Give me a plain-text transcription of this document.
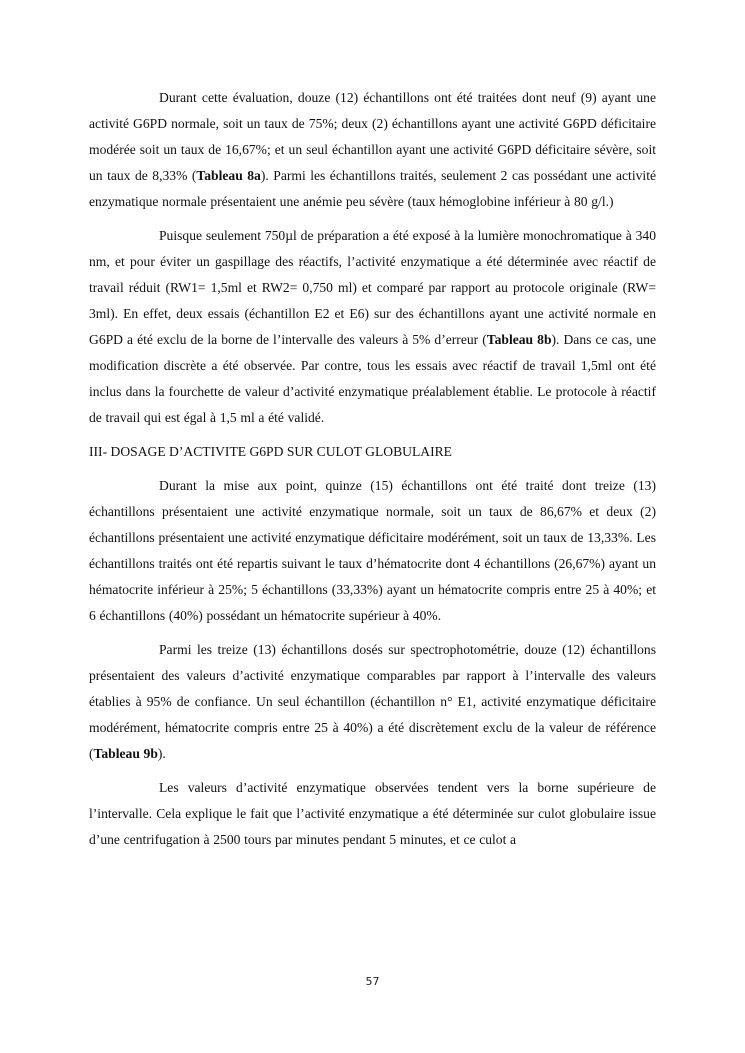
Durant cette évaluation, douze (12) échantillons ont été traitées dont neuf (9) ayant une activité G6PD normale, soit un taux de 75%; deux (2) échantillons ayant une activité G6PD déficitaire modérée soit un taux de 16,67%; et un seul échantillon ayant une activité G6PD déficitaire sévère, soit un taux de 8,33% (Tableau 8a). Parmi les échantillons traités, seulement 2 cas possédant une activité enzymatique normale présentaient une anémie peu sévère (taux hémoglobine inférieur à 80 g/l.)

Puisque seulement 750µl de préparation a été exposé à la lumière monochromatique à 340 nm, et pour éviter un gaspillage des réactifs, l’activité enzymatique a été déterminée avec réactif de travail réduit (RW1= 1,5ml et RW2= 0,750 ml) et comparé par rapport au protocole originale (RW= 3ml). En effet, deux essais (échantillon E2 et E6) sur des échantillons ayant une activité normale en G6PD a été exclu de la borne de l’intervalle des valeurs à 5% d’erreur (Tableau 8b). Dans ce cas, une modification discrète a été observée. Par contre, tous les essais avec réactif de travail 1,5ml ont été inclus dans la fourchette de valeur d’activité enzymatique préalablement établie. Le protocole à réactif de travail qui est égal à 1,5 ml a été validé.

III- DOSAGE D’ACTIVITE G6PD SUR CULOT GLOBULAIRE

Durant la mise aux point, quinze (15) échantillons ont été traité dont treize (13) échantillons présentaient une activité enzymatique normale, soit un taux de 86,67% et deux (2) échantillons présentaient une activité enzymatique déficitaire modérément, soit un taux de 13,33%. Les échantillons traités ont été repartis suivant le taux d’hématocrite dont 4 échantillons (26,67%) ayant un hématocrite inférieur à 25%; 5 échantillons (33,33%) ayant un hématocrite compris entre 25 à 40%; et 6 échantillons (40%) possédant un hématocrite supérieur à 40%.

Parmi les treize (13) échantillons dosés sur spectrophotométrie, douze (12) échantillons présentaient des valeurs d’activité enzymatique comparables par rapport à l’intervalle des valeurs établies à 95% de confiance. Un seul échantillon (échantillon n° E1, activité enzymatique déficitaire modérément, hématocrite compris entre 25 à 40%) a été discrètement exclu de la valeur de référence (Tableau 9b).

Les valeurs d’activité enzymatique observées tendent vers la borne supérieure de l’intervalle. Cela explique le fait que l’activité enzymatique a été déterminée sur culot globulaire issue d’une centrifugation à 2500 tours par minutes pendant 5 minutes, et ce culot a

57
